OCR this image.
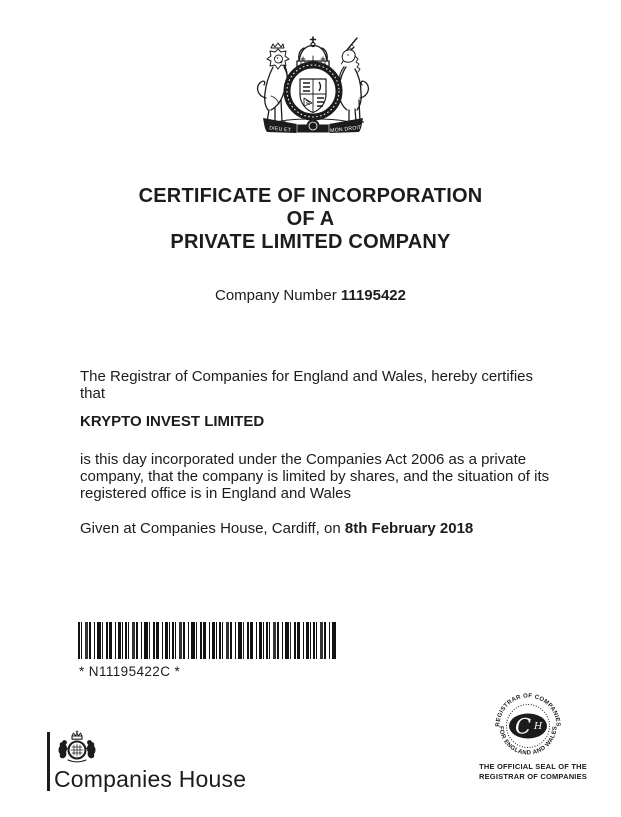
DIEU ET	MON DROIT
CERTIFICATE OF INCORPORATION
OF A
PRIVATE LIMITED COMPANY
Company Number 11195422
The Registrar of Companies for England and Wales, hereby certifies
that
KRYPTO INVEST LIMITED
is this day incorporated under the Companies Act 2006 as a private
company, that the company is limited by shares, and the situation of its
registered office is in England and Wales
Given at Companies House, Cardiff, on 8th February 2018
* N11195422C *
Companies House
REGISTRAR OF COMPANIES
FOR ENGLAND AND WALES
C H
THE OFFICIAL SEAL OF THE
REGISTRAR OF COMPANIES
